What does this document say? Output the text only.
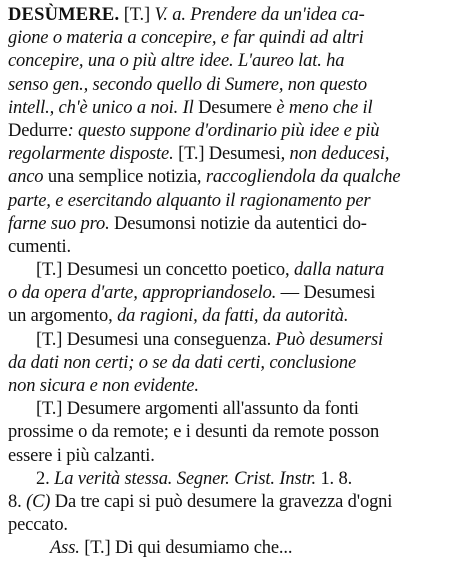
DESÙMERE. [T.] V. a. Prendere da un'idea ca-
gione o materia a concepire, e far quindi ad altri
concepire, una o più altre idee. L'aureo lat. ha
senso gen., secondo quello di Sumere, non questo
intell., ch'è unico a noi. Il Desumere è meno che il
Dedurre: questo suppone d'ordinario più idee e più
regolarmente disposte. [T.] Desumesi, non deducesi,
anco una semplice notizia, raccogliendola da qualche
parte, e esercitando alquanto il ragionamento per
farne suo pro. Desumonsi notizie da autentici do-
cumenti.
[T.] Desumesi un concetto poetico, dalla natura
o da opera d'arte, appropriandoselo. — Desumesi
un argomento, da ragioni, da fatti, da autorità.
[T.] Desumesi una conseguenza. Può desumersi
da dati non certi; o se da dati certi, conclusione
non sicura e non evidente.
[T.] Desumere argomenti all'assunto da fonti
prossime o da remote; e i desunti da remote posson
essere i più calzanti.
2. La verità stessa. Segner. Crist. Instr. 1. 8.
8. (C) Da tre capi si può desumere la gravezza d'ogni
peccato.
Ass. [T.] Di qui desumiamo che...
